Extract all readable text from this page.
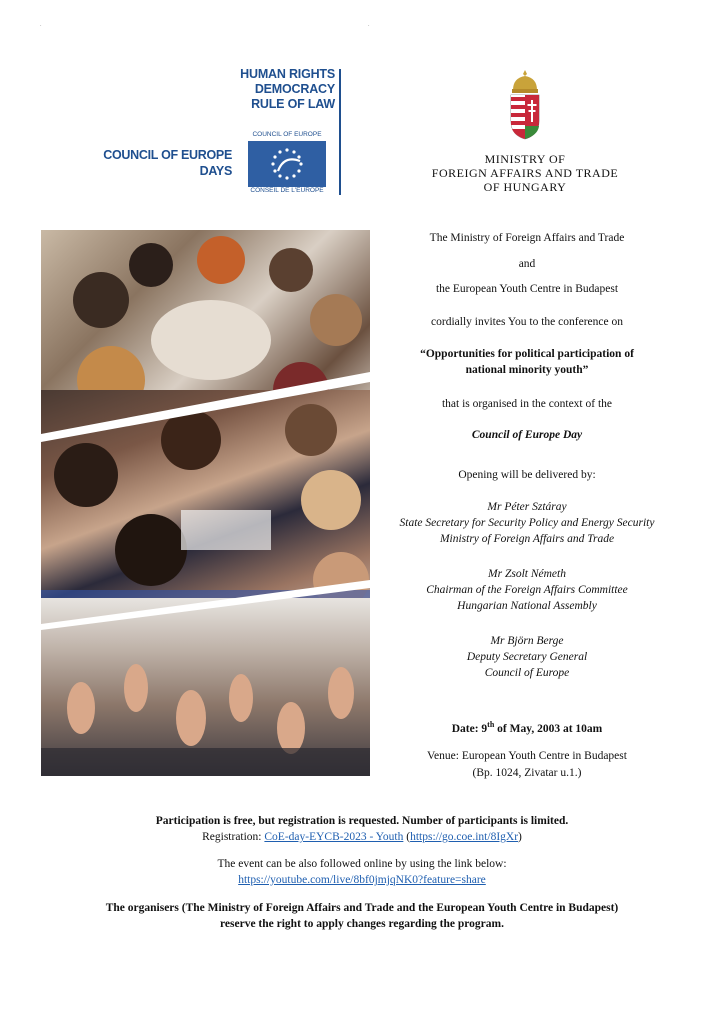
.	.
HUMAN RIGHTS
DEMOCRACY
RULE OF LAW
COUNCIL OF EUROPE
DAYS
COUNCIL OF EUROPE
CONSEIL DE L'EUROPE
MINISTRY OF
FOREIGN AFFAIRS AND TRADE
OF HUNGARY
The Ministry of Foreign Affairs and Trade
and
the European Youth Centre in Budapest
cordially invites You to the conference on
“Opportunities for political participation of
national minority youth”
that is organised in the context of the
Council of Europe Day
Opening will be delivered by:
Mr Péter Sztáray
State Secretary for Security Policy and Energy Security
Ministry of Foreign Affairs and Trade
Mr Zsolt Németh
Chairman of the Foreign Affairs Committee
Hungarian National Assembly
Mr Björn Berge
Deputy Secretary General
Council of Europe
Date: 9th of May, 2003 at 10am
Venue: European Youth Centre in Budapest
(Bp. 1024, Zivatar u.1.)
Participation is free, but registration is requested. Number of participants is limited.
Registration: CoE-day-EYCB-2023 - Youth (https://go.coe.int/8IgXr)
The event can be also followed online by using the link below:
https://youtube.com/live/8bf0jmjqNK0?feature=share
The organisers (The Ministry of Foreign Affairs and Trade and the European Youth Centre in Budapest)
reserve the right to apply changes regarding the program.
